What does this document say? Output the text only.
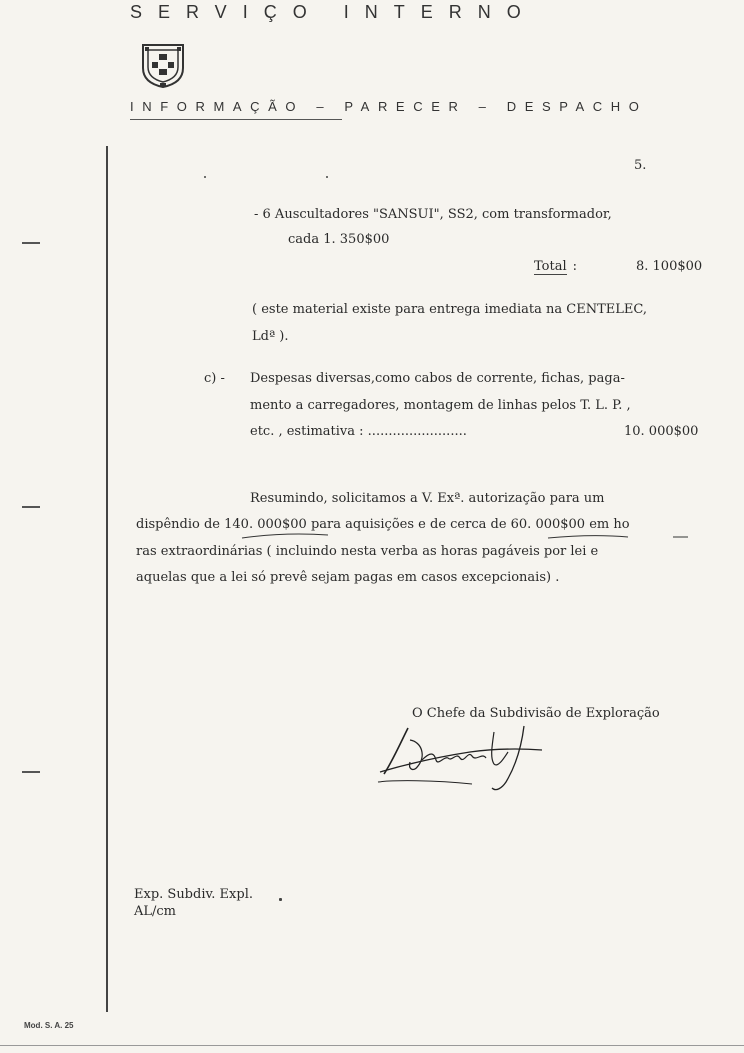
SERVIÇO INTERNO
INFORMAÇÃO – PARECER – DESPACHO
5.
- 6 Auscultadores "SANSUI", SS2, com transformador,
cada 1. 350$00
Total :	8. 100$00
( este material existe para entrega imediata na CENTELEC,
Ldª ).
c) - Despesas diversas,como cabos de corrente, fichas, paga-
mento a carregadores, montagem de linhas pelos T. L. P. ,
etc. , estimativa : ........................	10. 000$00
Resumindo, solicitamos a V. Exª. autorização para um
dispêndio de 140. 000$00 para aquisições e de cerca de 60. 000$00 em ho
ras extraordinárias ( incluindo nesta verba as horas pagáveis por lei e
aquelas que a lei só prevê sejam pagas em casos excepcionais) .
O Chefe da Subdivisão de Exploração
Exp. Subdiv. Expl.
AL/cm
Mod. S. A. 25
